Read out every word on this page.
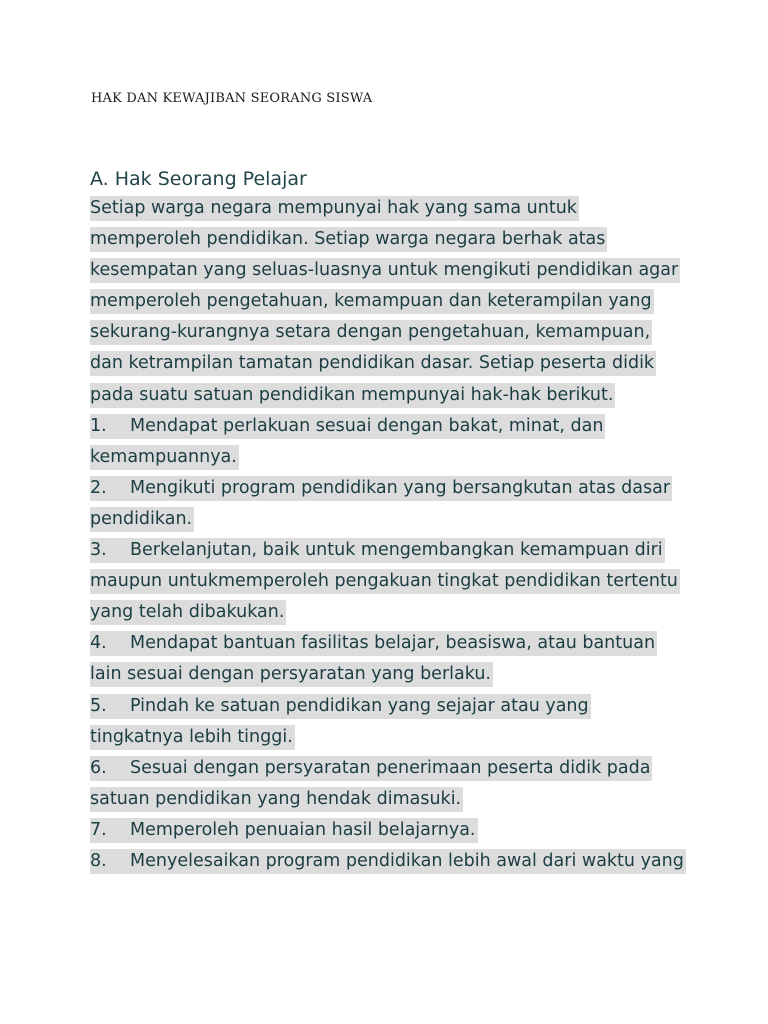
HAK DAN KEWAJIBAN SEORANG SISWA
A. Hak Seorang Pelajar
Setiap warga negara mempunyai hak yang sama untuk
memperoleh pendidikan. Setiap warga negara berhak atas
kesempatan yang seluas-luasnya untuk mengikuti pendidikan agar
memperoleh pengetahuan, kemampuan dan keterampilan yang
sekurang-kurangnya setara dengan pengetahuan, kemampuan,
dan ketrampilan tamatan pendidikan dasar. Setiap peserta didik
pada suatu satuan pendidikan mempunyai hak-hak berikut.
1. Mendapat perlakuan sesuai dengan bakat, minat, dan
kemampuannya.
2. Mengikuti program pendidikan yang bersangkutan atas dasar
pendidikan.
3. Berkelanjutan, baik untuk mengembangkan kemampuan diri
maupun untukmemperoleh pengakuan tingkat pendidikan tertentu
yang telah dibakukan.
4. Mendapat bantuan fasilitas belajar, beasiswa, atau bantuan
lain sesuai dengan persyaratan yang berlaku.
5. Pindah ke satuan pendidikan yang sejajar atau yang
tingkatnya lebih tinggi.
6. Sesuai dengan persyaratan penerimaan peserta didik pada
satuan pendidikan yang hendak dimasuki.
7. Memperoleh penuaian hasil belajarnya.
8. Menyelesaikan program pendidikan lebih awal dari waktu yang
